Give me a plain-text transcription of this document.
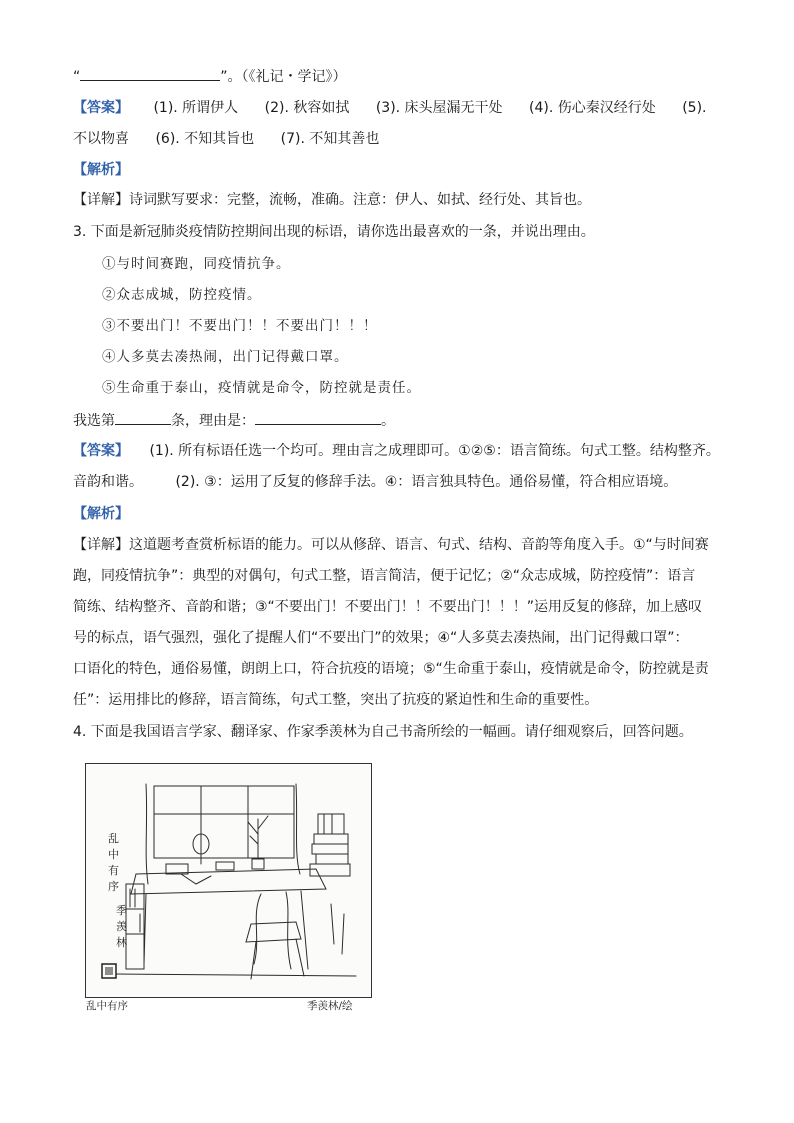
“	”。（《礼记・学记》）
【答案】 (1). 所谓伊人 (2). 秋容如拭 (3). 床头屋漏无干处 (4). 伤心秦汉经行处 (5).
不以物喜 (6). 不知其旨也 (7). 不知其善也
【解析】
【详解】诗词默写要求：完整，流畅，准确。注意：伊人、如拭、经行处、其旨也。
3. 下面是新冠肺炎疫情防控期间出现的标语，请你选出最喜欢的一条，并说出理由。
①与时间赛跑，同疫情抗争。
②众志成城，防控疫情。
③不要出门！不要出门！！不要出门！！！
④人多莫去凑热闹，出门记得戴口罩。
⑤生命重于泰山，疫情就是命令，防控就是责任。
我选第	条，理由是：	。
【答案】 (1). 所有标语任选一个均可。理由言之成理即可。①②⑤：语言简练。句式工整。结构整齐。
音韵和谐。 (2). ③：运用了反复的修辞手法。④：语言独具特色。通俗易懂，符合相应语境。
【解析】
【详解】这道题考查赏析标语的能力。可以从修辞、语言、句式、结构、音韵等角度入手。①“与时间赛
跑，同疫情抗争”：典型的对偶句，句式工整，语言简洁，便于记忆；②“众志成城，防控疫情”：语言
简练、结构整齐、音韵和谐；③“不要出门！不要出门！！不要出门！！！”运用反复的修辞，加上感叹
号的标点，语气强烈，强化了提醒人们“不要出门”的效果；④“人多莫去凑热闹，出门记得戴口罩”：
口语化的特色，通俗易懂，朗朗上口，符合抗疫的语境；⑤“生命重于泰山，疫情就是命令，防控就是责
任”：运用排比的修辞，语言简练，句式工整，突出了抗疫的紧迫性和生命的重要性。
4. 下面是我国语言学家、翻译家、作家季羡林为自己书斋所绘的一幅画。请仔细观察后，回答问题。
乱
中
有
序
季
羡
林
乱中有序	季羡林/绘
